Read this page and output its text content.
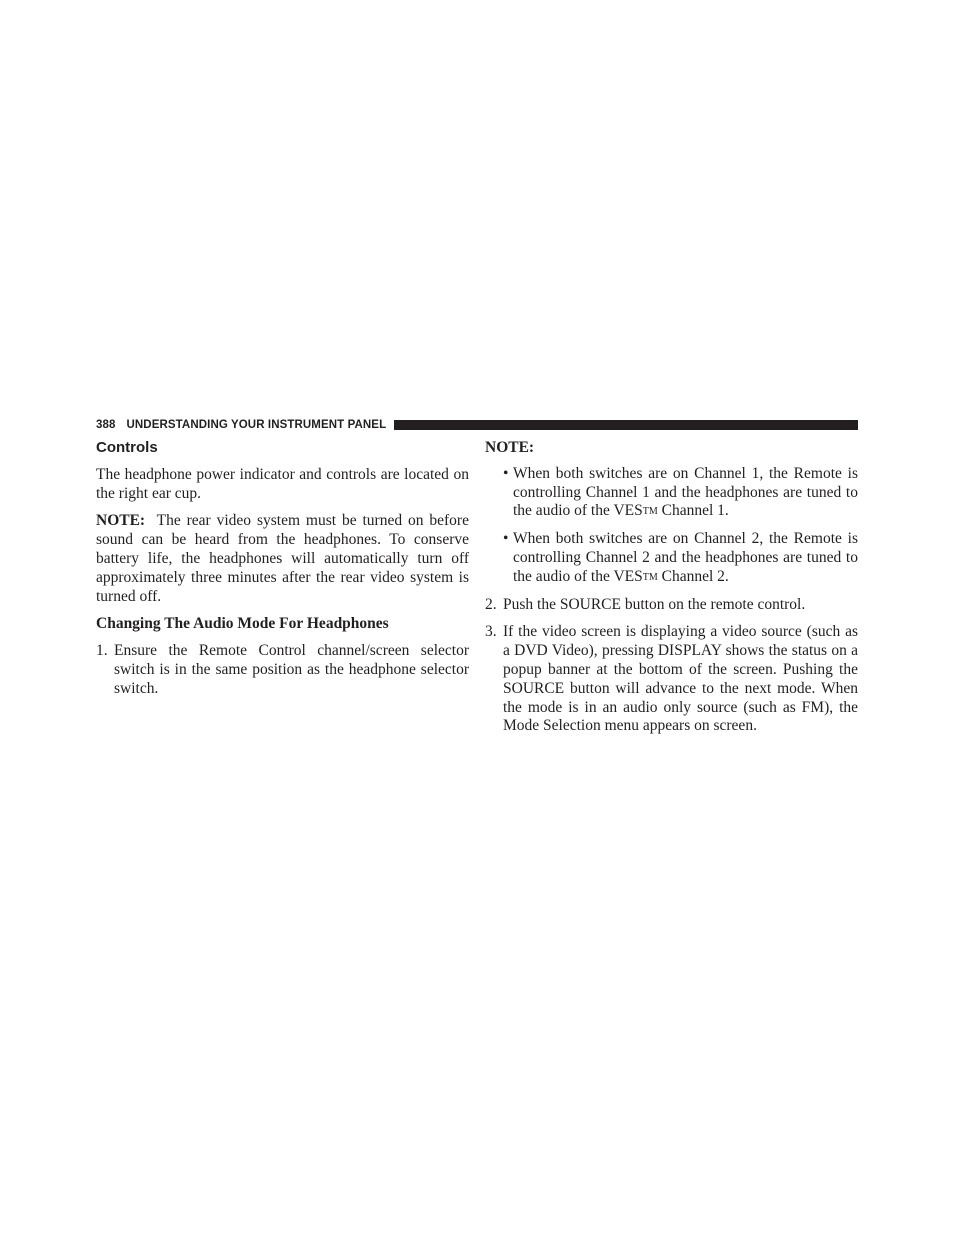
388 UNDERSTANDING YOUR INSTRUMENT PANEL
Controls

The headphone power indicator and controls are located on the right ear cup.

NOTE: The rear video system must be turned on before sound can be heard from the headphones. To conserve battery life, the headphones will automatically turn off approximately three minutes after the rear video system is turned off.

Changing The Audio Mode For Headphones
1. Ensure the Remote Control channel/screen selector switch is in the same position as the headphone selector switch.
NOTE:
• When both switches are on Channel 1, the Remote is controlling Channel 1 and the headphones are tuned to the audio of the VESTM Channel 1.
• When both switches are on Channel 2, the Remote is controlling Channel 2 and the headphones are tuned to the audio of the VESTM Channel 2.
2. Push the SOURCE button on the remote control.
3. If the video screen is displaying a video source (such as a DVD Video), pressing DISPLAY shows the status on a popup banner at the bottom of the screen. Pushing the SOURCE button will advance to the next mode. When the mode is in an audio only source (such as FM), the Mode Selection menu appears on screen.
